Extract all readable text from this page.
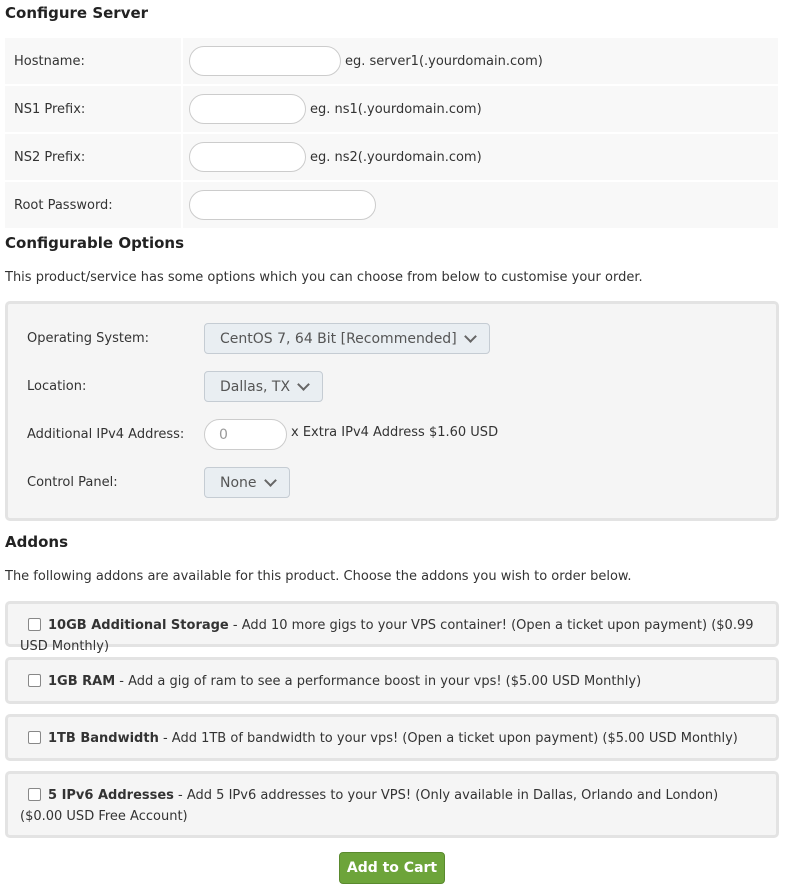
Configure Server
Hostname:	eg. server1(.yourdomain.com)
NS1 Prefix:	eg. ns1(.yourdomain.com)
NS2 Prefix:	eg. ns2(.yourdomain.com)
Root Password:
Configurable Options

This product/service has some options which you can choose from below to customise your order.

Operating System:	CentOS 7, 64 Bit [Recommended]
Location:	Dallas, TX
Additional IPv4 Address:	0	x Extra IPv4 Address $1.60 USD
Control Panel:	None
Addons

The following addons are available for this product. Choose the addons you wish to order below.

10GB Additional Storage - Add 10 more gigs to your VPS container! (Open a ticket upon payment) ($0.99 USD Monthly)
1GB RAM - Add a gig of ram to see a performance boost in your vps! ($5.00 USD Monthly)
1TB Bandwidth - Add 1TB of bandwidth to your vps! (Open a ticket upon payment) ($5.00 USD Monthly)
5 IPv6 Addresses - Add 5 IPv6 addresses to your VPS! (Only available in Dallas, Orlando and London) ($0.00 USD Free Account)
Add to Cart
